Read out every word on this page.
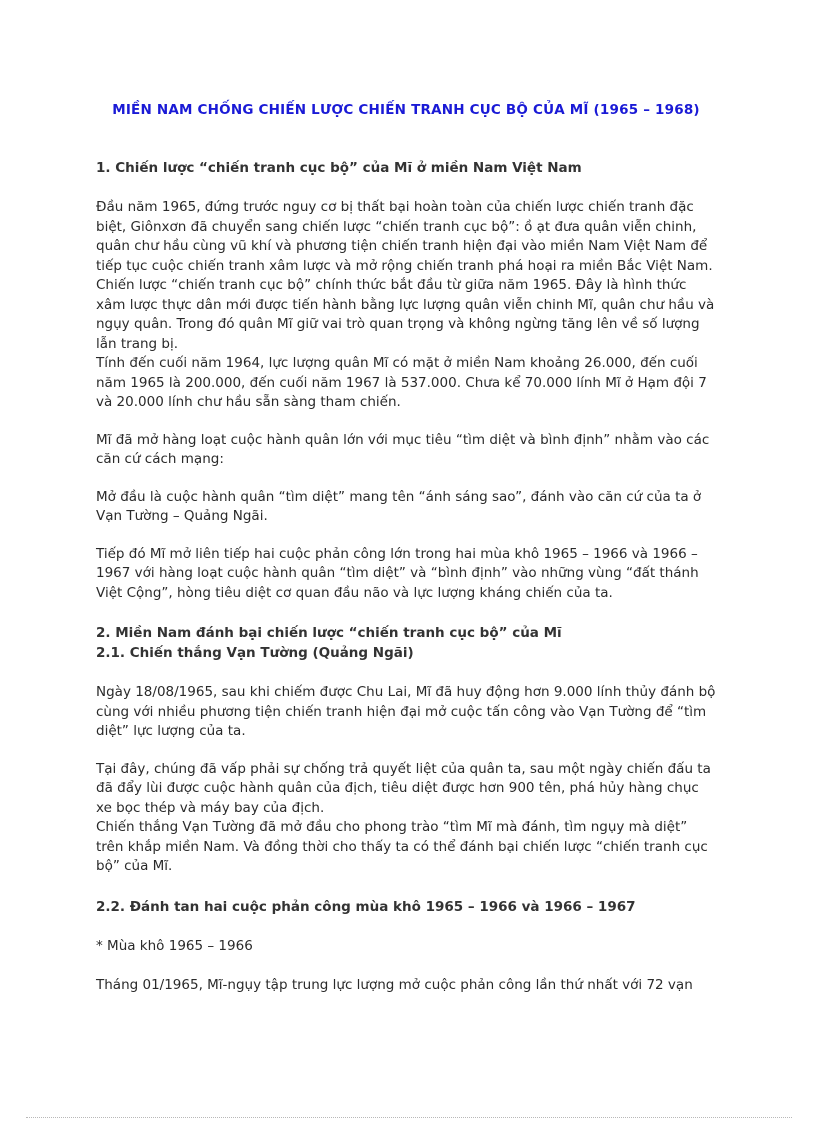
MIỀN NAM CHỐNG CHIẾN LƯỢC CHIẾN TRANH CỤC BỘ CỦA MĨ (1965 – 1968)

1. Chiến lược “chiến tranh cục bộ” của Mĩ ở miền Nam Việt Nam

Đầu năm 1965, đứng trước nguy cơ bị thất bại hoàn toàn của chiến lược chiến tranh đặc biệt, Giônxơn đã chuyển sang chiến lược “chiến tranh cục bộ”: ồ ạt đưa quân viễn chinh, quân chư hầu cùng vũ khí và phương tiện chiến tranh hiện đại vào miền Nam Việt Nam để tiếp tục cuộc chiến tranh xâm lược và mở rộng chiến tranh phá hoại ra miền Bắc Việt Nam. Chiến lược “chiến tranh cục bộ” chính thức bắt đầu từ giữa năm 1965. Đây là hình thức xâm lược thực dân mới được tiến hành bằng lực lượng quân viễn chinh Mĩ, quân chư hầu và ngụy quân. Trong đó quân Mĩ giữ vai trò quan trọng và không ngừng tăng lên về số lượng lẫn trang bị.

Tính đến cuối năm 1964, lực lượng quân Mĩ có mặt ở miền Nam khoảng 26.000, đến cuối năm 1965 là 200.000, đến cuối năm 1967 là 537.000. Chưa kể 70.000 lính Mĩ ở Hạm đội 7 và 20.000 lính chư hầu sẵn sàng tham chiến.

Mĩ đã mở hàng loạt cuộc hành quân lớn với mục tiêu “tìm diệt và bình định” nhằm vào các căn cứ cách mạng:

Mở đầu là cuộc hành quân “tìm diệt” mang tên “ánh sáng sao”, đánh vào căn cứ của ta ở Vạn Tường – Quảng Ngãi.

Tiếp đó Mĩ mở liên tiếp hai cuộc phản công lớn trong hai mùa khô 1965 – 1966 và 1966 – 1967 với hàng loạt cuộc hành quân “tìm diệt” và “bình định” vào những vùng “đất thánh Việt Cộng”, hòng tiêu diệt cơ quan đầu não và lực lượng kháng chiến của ta.

2. Miền Nam đánh bại chiến lược “chiến tranh cục bộ” của Mĩ

2.1. Chiến thắng Vạn Tường (Quảng Ngãi)

Ngày 18/08/1965, sau khi chiếm được Chu Lai, Mĩ đã huy động hơn 9.000 lính thủy đánh bộ cùng với nhiều phương tiện chiến tranh hiện đại mở cuộc tấn công vào Vạn Tường để “tìm diệt” lực lượng của ta.

Tại đây, chúng đã vấp phải sự chống trả quyết liệt của quân ta, sau một ngày chiến đấu ta đã đẩy lùi được cuộc hành quân của địch, tiêu diệt được hơn 900 tên, phá hủy hàng chục xe bọc thép và máy bay của địch.

Chiến thắng Vạn Tường đã mở đầu cho phong trào “tìm Mĩ mà đánh, tìm ngụy mà diệt” trên khắp miền Nam. Và đồng thời cho thấy ta có thể đánh bại chiến lược “chiến tranh cục bộ” của Mĩ.

2.2. Đánh tan hai cuộc phản công mùa khô 1965 – 1966 và 1966 – 1967

* Mùa khô 1965 – 1966

Tháng 01/1965, Mĩ-ngụy tập trung lực lượng mở cuộc phản công lần thứ nhất với 72 vạn
